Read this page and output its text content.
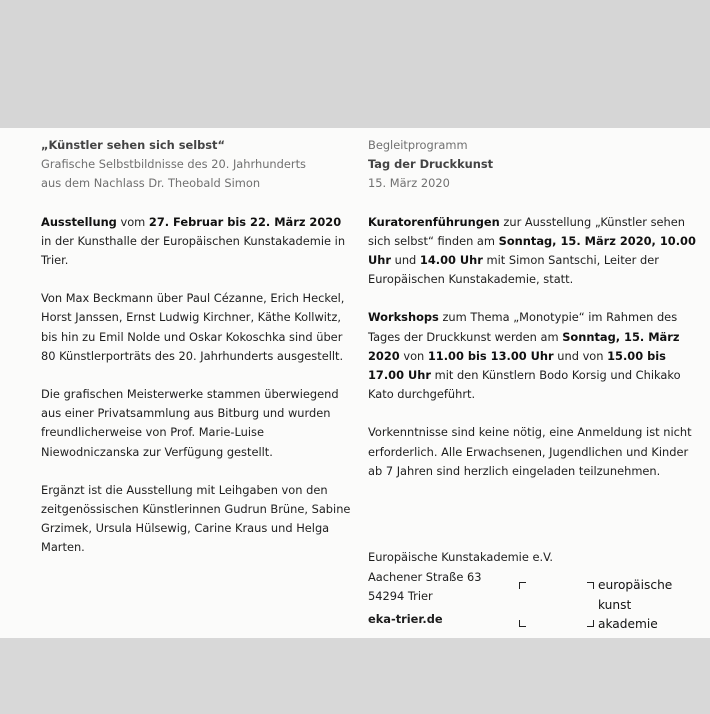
„Künstler sehen sich selbst“

Grafische Selbstbildnisse des 20. Jahrhunderts

aus dem Nachlass Dr. Theobald Simon

Ausstellung vom 27. Februar bis 22. März 2020 in der Kunsthalle der Europäischen Kunstakademie in Trier.

Von Max Beckmann über Paul Cézanne, Erich Heckel, Horst Janssen, Ernst Ludwig Kirchner, Käthe Kollwitz, bis hin zu Emil Nolde und Oskar Kokoschka sind über 80 Künstlerporträts des 20. Jahrhunderts ausgestellt.

Die grafischen Meisterwerke stammen überwiegend aus einer Privatsammlung aus Bitburg und wurden freundlicherweise von Prof. Marie-Luise Niewodniczanska zur Verfügung gestellt.

Ergänzt ist die Ausstellung mit Leihgaben von den zeitgenössischen Künstlerinnen Gudrun Brüne, Sabine Grzimek, Ursula Hülsewig, Carine Kraus und Helga Marten.

Begleitprogramm

Tag der Druckkunst

15. März 2020

Kuratorenführungen zur Ausstellung „Künstler sehen sich selbst“ finden am Sonntag, 15. März 2020, 10.00 Uhr und 14.00 Uhr mit Simon Santschi, Leiter der Europäischen Kunstakademie, statt.

Workshops zum Thema „Monotypie“ im Rahmen des Tages der Druckkunst werden am Sonntag, 15. März 2020 von 11.00 bis 13.00 Uhr und von 15.00 bis 17.00 Uhr mit den Künstlern Bodo Korsig und Chikako Kato durchgeführt.

Vorkenntnisse sind keine nötig, eine Anmeldung ist nicht erforderlich. Alle Erwachsenen, Jugendlichen und Kinder ab 7 Jahren sind herzlich eingeladen teilzunehmen.

Europäische Kunstakademie e.V.
Aachener Straße 63
54294 Trier
eka-trier.de
europäische
kunst
akademie
